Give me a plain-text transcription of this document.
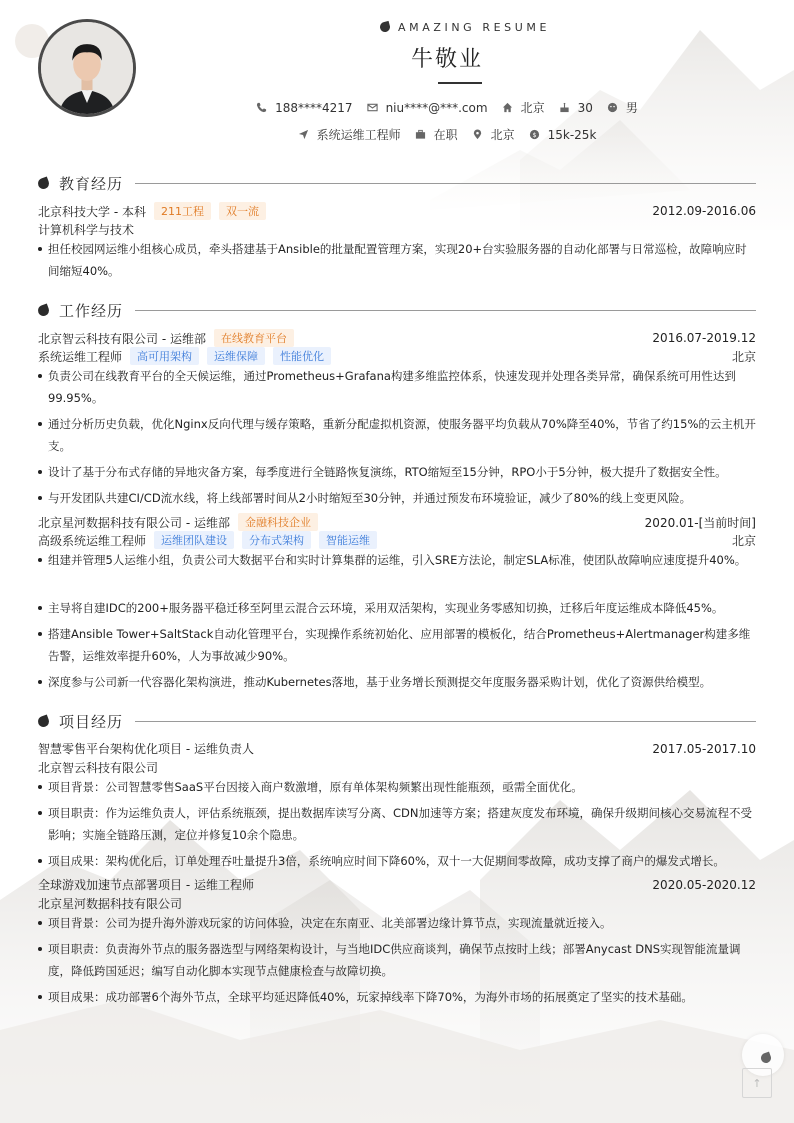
AMAZING RESUME
牛敬业
188****4217	niu****@***.com	北京	30	男
系统运维工程师	在职	北京 $ 15k-25k
教育经历
北京科技大学 - 本科	211工程	双一流	2012.09-2016.06
计算机科学与技术
担任校园网运维小组核心成员，牵头搭建基于Ansible的批量配置管理方案，实现20+台实验服务器的自动化部署与日常巡检，故障响应时间缩短40%。
工作经历
北京智云科技有限公司 - 运维部	在线教育平台	2016.07-2019.12
系统运维工程师	高可用架构	运维保障	性能优化	北京
负责公司在线教育平台的全天候运维，通过Prometheus+Grafana构建多维监控体系，快速发现并处理各类异常，确保系统可用性达到99.95%。
通过分析历史负载，优化Nginx反向代理与缓存策略，重新分配虚拟机资源，使服务器平均负载从70%降至40%，节省了约15%的云主机开支。
设计了基于分布式存储的异地灾备方案，每季度进行全链路恢复演练，RTO缩短至15分钟，RPO小于5分钟，极大提升了数据安全性。
与开发团队共建CI/CD流水线，将上线部署时间从2小时缩短至30分钟，并通过预发布环境验证，减少了80%的线上变更风险。
北京星河数据科技有限公司 - 运维部	金融科技企业	2020.01-[当前时间]
高级系统运维工程师	运维团队建设	分布式架构	智能运维	北京
组建并管理5人运维小组，负责公司大数据平台和实时计算集群的运维，引入SRE方法论，制定SLA标准，使团队故障响应速度提升40%。
主导将自建IDC的200+服务器平稳迁移至阿里云混合云环境，采用双活架构，实现业务零感知切换，迁移后年度运维成本降低45%。
搭建Ansible Tower+SaltStack自动化管理平台，实现操作系统初始化、应用部署的模板化，结合Prometheus+Alertmanager构建多维告警，运维效率提升60%，人为事故减少90%。
深度参与公司新一代容器化架构演进，推动Kubernetes落地，基于业务增长预测提交年度服务器采购计划，优化了资源供给模型。
项目经历
智慧零售平台架构优化项目 - 运维负责人	2017.05-2017.10
北京智云科技有限公司
项目背景：公司智慧零售SaaS平台因接入商户数激增，原有单体架构频繁出现性能瓶颈，亟需全面优化。
项目职责：作为运维负责人，评估系统瓶颈，提出数据库读写分离、CDN加速等方案；搭建灰度发布环境，确保升级期间核心交易流程不受影响；实施全链路压测，定位并修复10余个隐患。
项目成果：架构优化后，订单处理吞吐量提升3倍，系统响应时间下降60%，双十一大促期间零故障，成功支撑了商户的爆发式增长。
全球游戏加速节点部署项目 - 运维工程师	2020.05-2020.12
北京星河数据科技有限公司
项目背景：公司为提升海外游戏玩家的访问体验，决定在东南亚、北美部署边缘计算节点，实现流量就近接入。
项目职责：负责海外节点的服务器选型与网络架构设计，与当地IDC供应商谈判，确保节点按时上线；部署Anycast DNS实现智能流量调度，降低跨国延迟；编写自动化脚本实现节点健康检查与故障切换。
项目成果：成功部署6个海外节点，全球平均延迟降低40%，玩家掉线率下降70%，为海外市场的拓展奠定了坚实的技术基础。
↑
